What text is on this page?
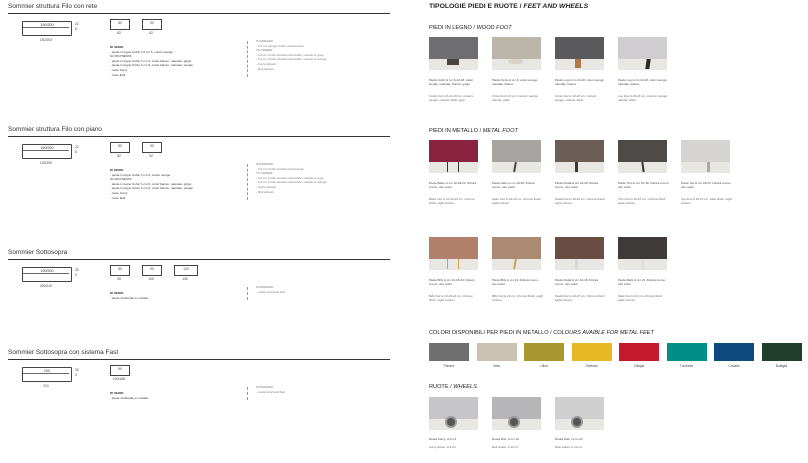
Sommier struttura Filo con rete
190/200
192/202
22
8
80
82
90
92
DI SERIE:
- piede in legno Cubic h 6 cm 6, colore wengè
SU RICHIESTA:
- piede in legno Cubic h cm 6, colori bianco, naturale, grigio
- piede in legno Circle h cm 6, colori bianco, naturale, wengè
- ruote Carry
- ruote Roll
STANDARD:
- h 6 cm wenge Cubic wooden feet
TO ORDER:
- h 6 cm Cubic wooden feet white, natural or grey
- h 6 cm Circle wooden feet white, natural or wenge
- Carry wheels
- Roll wheels
Sommier struttura Filo con piano
190/200
192/202
22
8
80
82
90
92
DI SERIE:
- piede in legno Cubic h cm 6, colore wengè
SU RICHIESTA:
- piede in legno Cubic h cm 6, colori bianco, naturale, grigio
- piede in legno Circle h cm 6, colori bianco, naturale, wengè
- ruote Carry
- ruote Roll
STANDARD:
- h 6 cm Cubic wooden feet wengè
TO ORDER:
- h 6 cm Cubic wooden feet white, natural or grey
- h 6 cm Circle wooden feet white, natural or wengè
- Carry wheels
- Roll wheels
Sommier Sottosopra
190/200
200/210
32
3
80
90
90
100
120
130
DI SERIE:
- piede strutturale in metallo
STANDARD:
- metal structural feet
Sommier Sottosopra con sistema Fast
200
210
32
3
90
100/186
DI SERIE:
- piede strutturale in metallo
STANDARD:
- metal structural feet
TIPOLOGIE PIEDI E RUOTE / FEET AND WHEELS
PIEDI IN LEGNO / WOOD FOOT
Piede Cubic H cm 6-10-18, colori wengè, naturale, bianco, grigio
Cubic foot H 6-10-18 cm, colours: wengè, natural, white, grey
Piede Circle H cm 6, colori wengè, naturale, bianco
Circle foot H 6 cm, colours: wengè, natural, white
Piede Log H cm 10-18, colori wengè, naturale, bianco
Conic foot H 10-18 cm, colours: wengè, natural, white
Piede Log H cm 10-18, colori wengè, naturale, bianco
Log foot H 10-18 cm, colours: wengè, natural, white
PIEDI IN METALLO / METAL FOOT
Piede Basic H cm 10-18-23, finitura cromo, otto colori
Basic foot H 10-18-23 cm, chrome finish, eight colours
Piede Glam H cm 10-18, finitura cromo, otto colori
Glam foot H 10-18 cm, chrome finish, eight colours
Piede Pedal H cm 10-18, finitura cromo, otto colori
Pedal foot H 10-18 cm, chrome finish, eight colours
Piede Trim H cm 10-18, finitura cromo, otto colori
Trim foot H 10-18 cm, chrome finish, eight colours
Piede Top H cm 18-23, finitura cromo, otto colori
Top foot H 18-23 cm, satin finish, eight colours
Piede Billy H cm 10-18-23, finitura cromo, otto colori
Billy foot H 10-18-23 cm, chrome finish, eight colours
Piede Billy H cm 23, finitura cromo, otto colori
Billy foot H 23 cm, chrome finish, eight colours
Piede Pedal H cm 10-18, finitura cromo, otto colori
Pedal foot H 10-18 cm, chrome finish, eight colours
Piede Mark H cm 23, finitura cromo, otto colori
Mark foot H 23 cm, chrome finish, eight colours
COLORI DISPONIBILI PER PIEDI IN METALLO / COLOURS AVAIBLE FOR METAL FEET
Polvere	Seta	Oliva	Ginestra	Ciliegia	Turchese	Cobalto	Bottiglia
RUOTE / WHEELS
Ruota Carry, H cm 6
Carry wheel, H 6 cm
Ruota Roll, H cm 10
Roll wheel, H 10 cm
Ruota Disk, H cm 23
Disk wheel, H 23 cm
